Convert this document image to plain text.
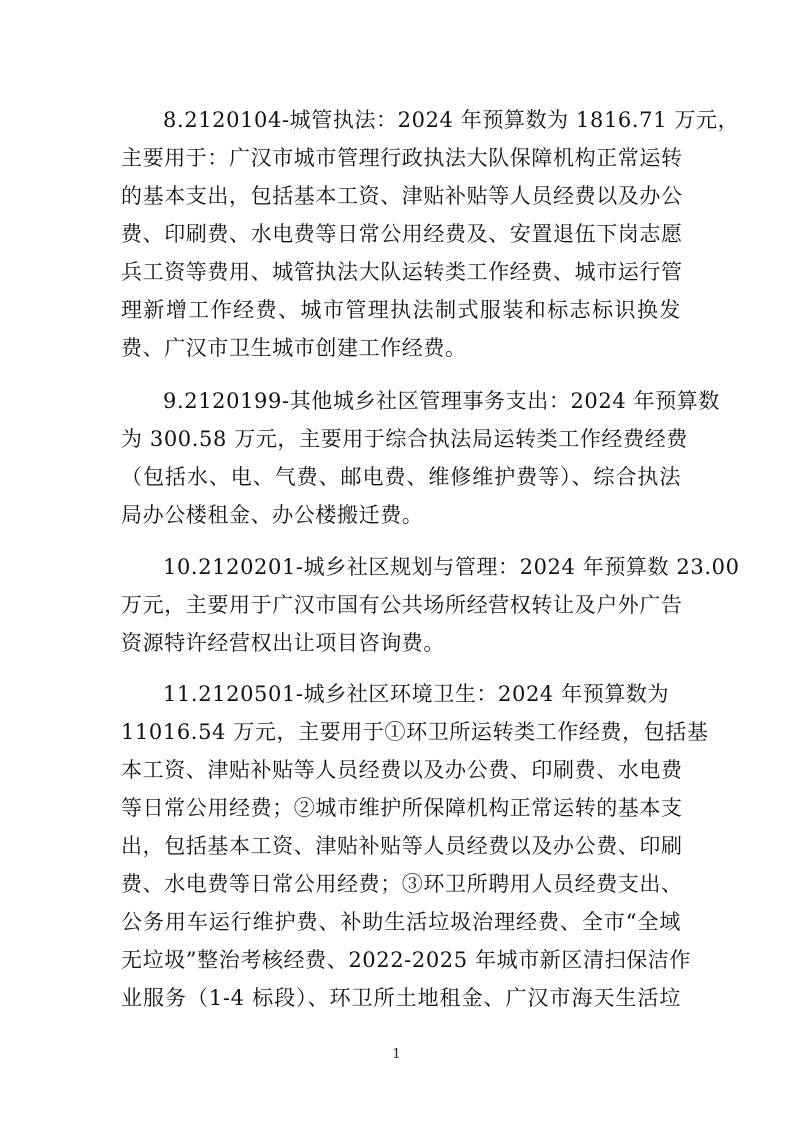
8.2120104-城管执法：2024 年预算数为 1816.71 万元，
主要用于：广汉市城市管理行政执法大队保障机构正常运转
的基本支出，包括基本工资、津贴补贴等人员经费以及办公
费、印刷费、水电费等日常公用经费及、安置退伍下岗志愿
兵工资等费用、城管执法大队运转类工作经费、城市运行管
理新增工作经费、城市管理执法制式服装和标志标识换发
费、广汉市卫生城市创建工作经费。
9.2120199-其他城乡社区管理事务支出：2024 年预算数
为 300.58 万元，主要用于综合执法局运转类工作经费经费
（包括水、电、气费、邮电费、维修维护费等）、综合执法
局办公楼租金、办公楼搬迁费。
10.2120201-城乡社区规划与管理：2024 年预算数 23.00
万元，主要用于广汉市国有公共场所经营权转让及户外广告
资源特许经营权出让项目咨询费。
11.2120501-城乡社区环境卫生：2024 年预算数为
11016.54 万元，主要用于①环卫所运转类工作经费，包括基
本工资、津贴补贴等人员经费以及办公费、印刷费、水电费
等日常公用经费；②城市维护所保障机构正常运转的基本支
出，包括基本工资、津贴补贴等人员经费以及办公费、印刷
费、水电费等日常公用经费；③环卫所聘用人员经费支出、
公务用车运行维护费、补助生活垃圾治理经费、全市“全域
无垃圾”整治考核经费、2022-2025 年城市新区清扫保洁作
业服务（1-4 标段）、环卫所土地租金、广汉市海天生活垃
1
